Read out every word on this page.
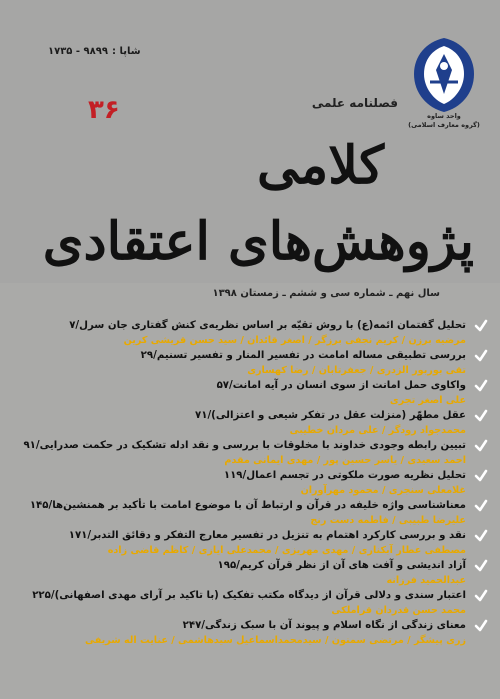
شاپا :۹۸۹۹ - ۱۷۳۵
واحد ساوه
(گروه معارف اسلامی)
فصلنامه علمی
۳۶
کلامی
پژوهش‌های اعتقادی
سال نهم ـ شماره سی و ششم ـ زمستان ۱۳۹۸
تحلیل گفتمان ائمه(ع) با روش تقیّه بر اساس نظریه‌ی کنش گفتاری جان سرل/۷
مرضیه برزن / کریم نجفی برزگر / اصغر قائدان / سید حسن قریشی کرین
بررسی تطبیقی مساله امامت در تفسیر المنار و تفسیر تسنیم/۲۹
تقی بوربور الزدری / جعفرتابان / رضا کهساری
واکاوی حمل امانت از سوی انسان در آیه امانت/۵۷
علی اصغر تجری
عقل مطهّر (منزلت عقل در تفکر شیعی و اعتزالی)/۷۱
محمدجواد رودگر / علی مردان خطیبی
تبیین رابطه وجودی خداوند با مخلوقات با بررسی و نقد ادله تشکیک در حکمت صدرایی/۹۱
احمد سعیدی / یاسر حسین پور / مهدی ایمانی مقدم
تحلیل نظریه صورت ملکوتی در تجسم اعمال/۱۱۹
غلامعلی سنجری / محمود مهرآوران
معناشناسی واژه خلیفه در قرآن و ارتباط آن با موضوع امامت با تأکید بر همنشین‌ها/۱۴۵
علیرضا طبیبی / فاطمه دست رنج
نقد و بررسی کارکرد اهتمام به تنزیل در تفسیر معارج التفکر و دقائق التدبر/۱۷۱
مصطفی عطار آبکناری / مهدی مهریزی / محمدعلی ایازی / کاظم قاضی زاده
آزاد اندیشی و آفت های آن از نظر قرآن کریم/۱۹۵
عبدالحمید فرزانه
اعتبار سندی و دلالی قرآن از دیدگاه مکتب تفکیک (با تاکید بر آرای مهدی اصفهانی)/۲۲۵
محمد حسن قدردان قراملکی
معنای زندگی از نگاه اسلام و پیوند آن با سبک زندگی/۲۴۷
زری پیشگر / مرتضی سمنون / سیدمحمداسماعیل سیدهاشمی / عنایت اله شریفی
